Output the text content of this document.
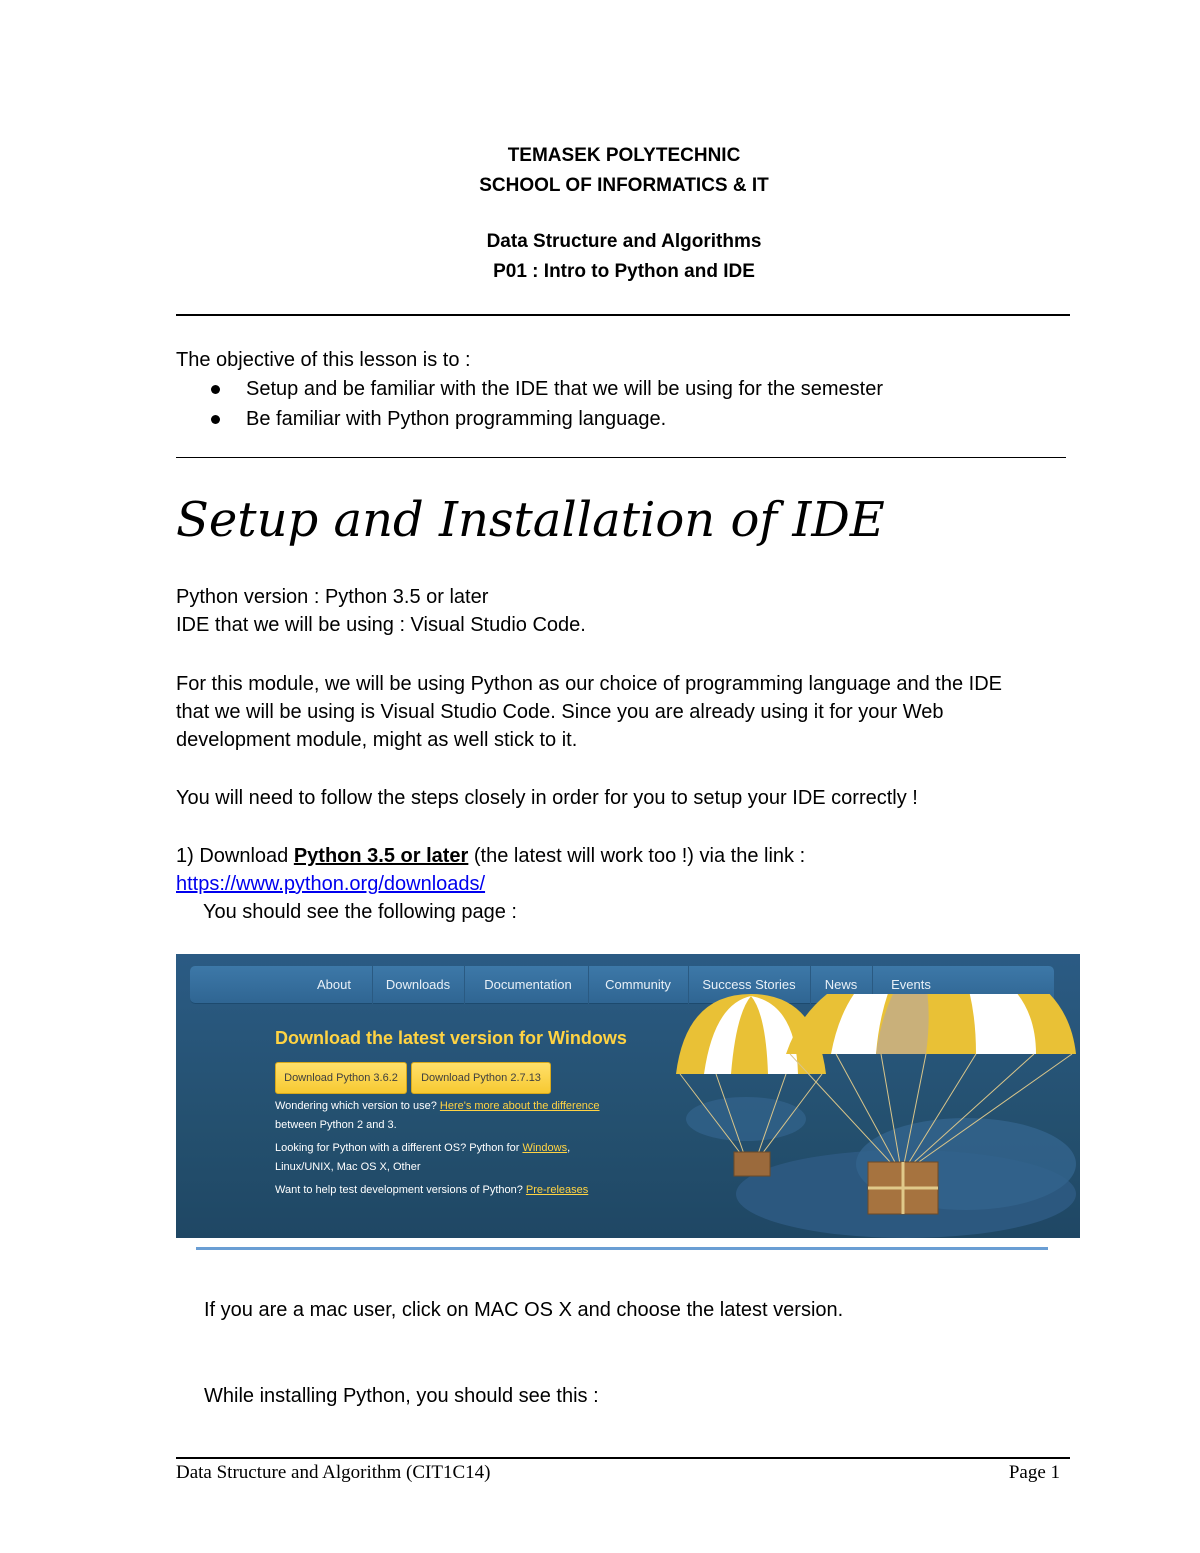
TEMASEK POLYTECHNIC
SCHOOL OF INFORMATICS & IT
Data Structure and Algorithms
P01 : Intro to Python and IDE
The objective of this lesson is to :
Setup and be familiar with the IDE that we will be using for the semester
Be familiar with Python programming language.
Setup and Installation of IDE
Python version : Python 3.5 or later
IDE that we will be using : Visual Studio Code.
For this module, we will be using Python as our choice of programming language and the IDE
that we will be using is Visual Studio Code. Since you are already using it for your Web
development module, might as well stick to it.
You will need to follow the steps closely in order for you to setup your IDE correctly !
1) Download Python 3.5 or later (the latest will work too !) via the link :
https://www.python.org/downloads/
You should see the following page :
About	Downloads	Documentation	Community	Success Stories	News	Events
Download the latest version for Windows
Download Python 3.6.2	Download Python 2.7.13
Wondering which version to use? Here's more about the difference
between Python 2 and 3.
Looking for Python with a different OS? Python for Windows,
Linux/UNIX, Mac OS X, Other
Want to help test development versions of Python? Pre-releases
If you are a mac user, click on MAC OS X and choose the latest version.
While installing Python, you should see this :
Data Structure and Algorithm (CIT1C14)	Page 1
